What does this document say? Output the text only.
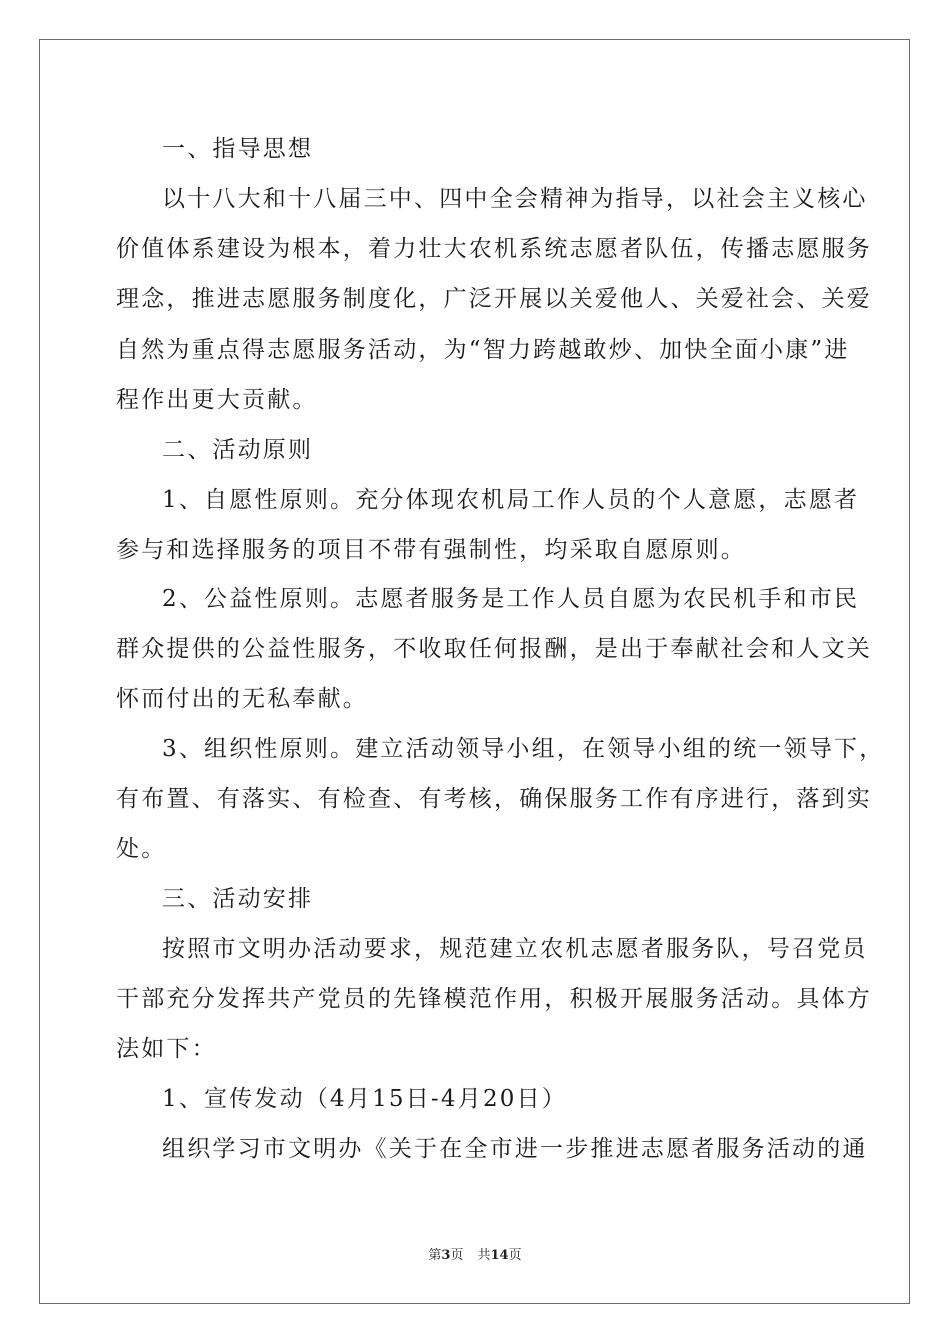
一、指导思想
以十八大和十八届三中、四中全会精神为指导，以社会主义核心
价值体系建设为根本，着力壮大农机系统志愿者队伍，传播志愿服务
理念，推进志愿服务制度化，广泛开展以关爱他人、关爱社会、关爱
自然为重点得志愿服务活动，为“智力跨越敢炒、加快全面小康”进
程作出更大贡献。
二、活动原则
1、自愿性原则。充分体现农机局工作人员的个人意愿，志愿者
参与和选择服务的项目不带有强制性，均采取自愿原则。
2、公益性原则。志愿者服务是工作人员自愿为农民机手和市民
群众提供的公益性服务，不收取任何报酬，是出于奉献社会和人文关
怀而付出的无私奉献。
3、组织性原则。建立活动领导小组，在领导小组的统一领导下，
有布置、有落实、有检查、有考核，确保服务工作有序进行，落到实
处。
三、活动安排
按照市文明办活动要求，规范建立农机志愿者服务队，号召党员
干部充分发挥共产党员的先锋模范作用，积极开展服务活动。具体方
法如下：
1、宣传发动（4月15日-4月20日）
组织学习市文明办《关于在全市进一步推进志愿者服务活动的通
第3页 共14页
